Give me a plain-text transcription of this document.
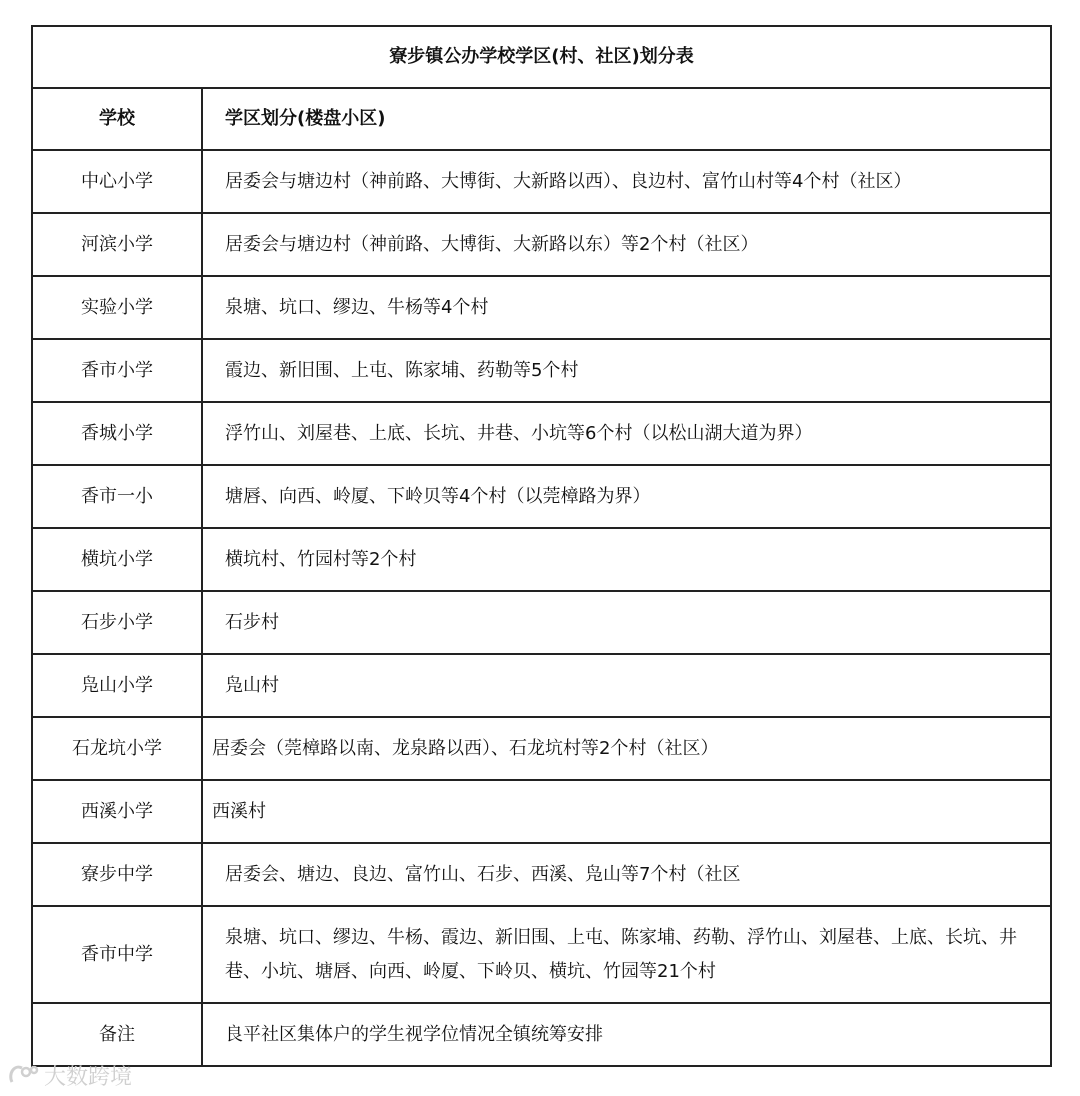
寮步镇公办学校学区(村、社区)划分表	
学校	学区划分(楼盘小区)
中心小学	居委会与塘边村（神前路、大博街、大新路以西）、良边村、富竹山村等4个村（社区）
河滨小学	居委会与塘边村（神前路、大博街、大新路以东）等2个村（社区）
实验小学	泉塘、坑口、缪边、牛杨等4个村
香市小学	霞边、新旧围、上屯、陈家埔、药勒等5个村
香城小学	浮竹山、刘屋巷、上底、长坑、井巷、小坑等6个村（以松山湖大道为界）
香市一小	塘唇、向西、岭厦、下岭贝等4个村（以莞樟路为界）
横坑小学	横坑村、竹园村等2个村
石步小学	石步村
凫山小学	凫山村
石龙坑小学	居委会（莞樟路以南、龙泉路以西）、石龙坑村等2个村（社区）
西溪小学	西溪村
寮步中学	居委会、塘边、良边、富竹山、石步、西溪、凫山等7个村（社区
香市中学	泉塘、坑口、缪边、牛杨、霞边、新旧围、上屯、陈家埔、药勒、浮竹山、刘屋巷、上底、长坑、井巷、小坑、塘唇、向西、岭厦、下岭贝、横坑、竹园等21个村
备注	良平社区集体户的学生视学位情况全镇统筹安排
大数跨境
